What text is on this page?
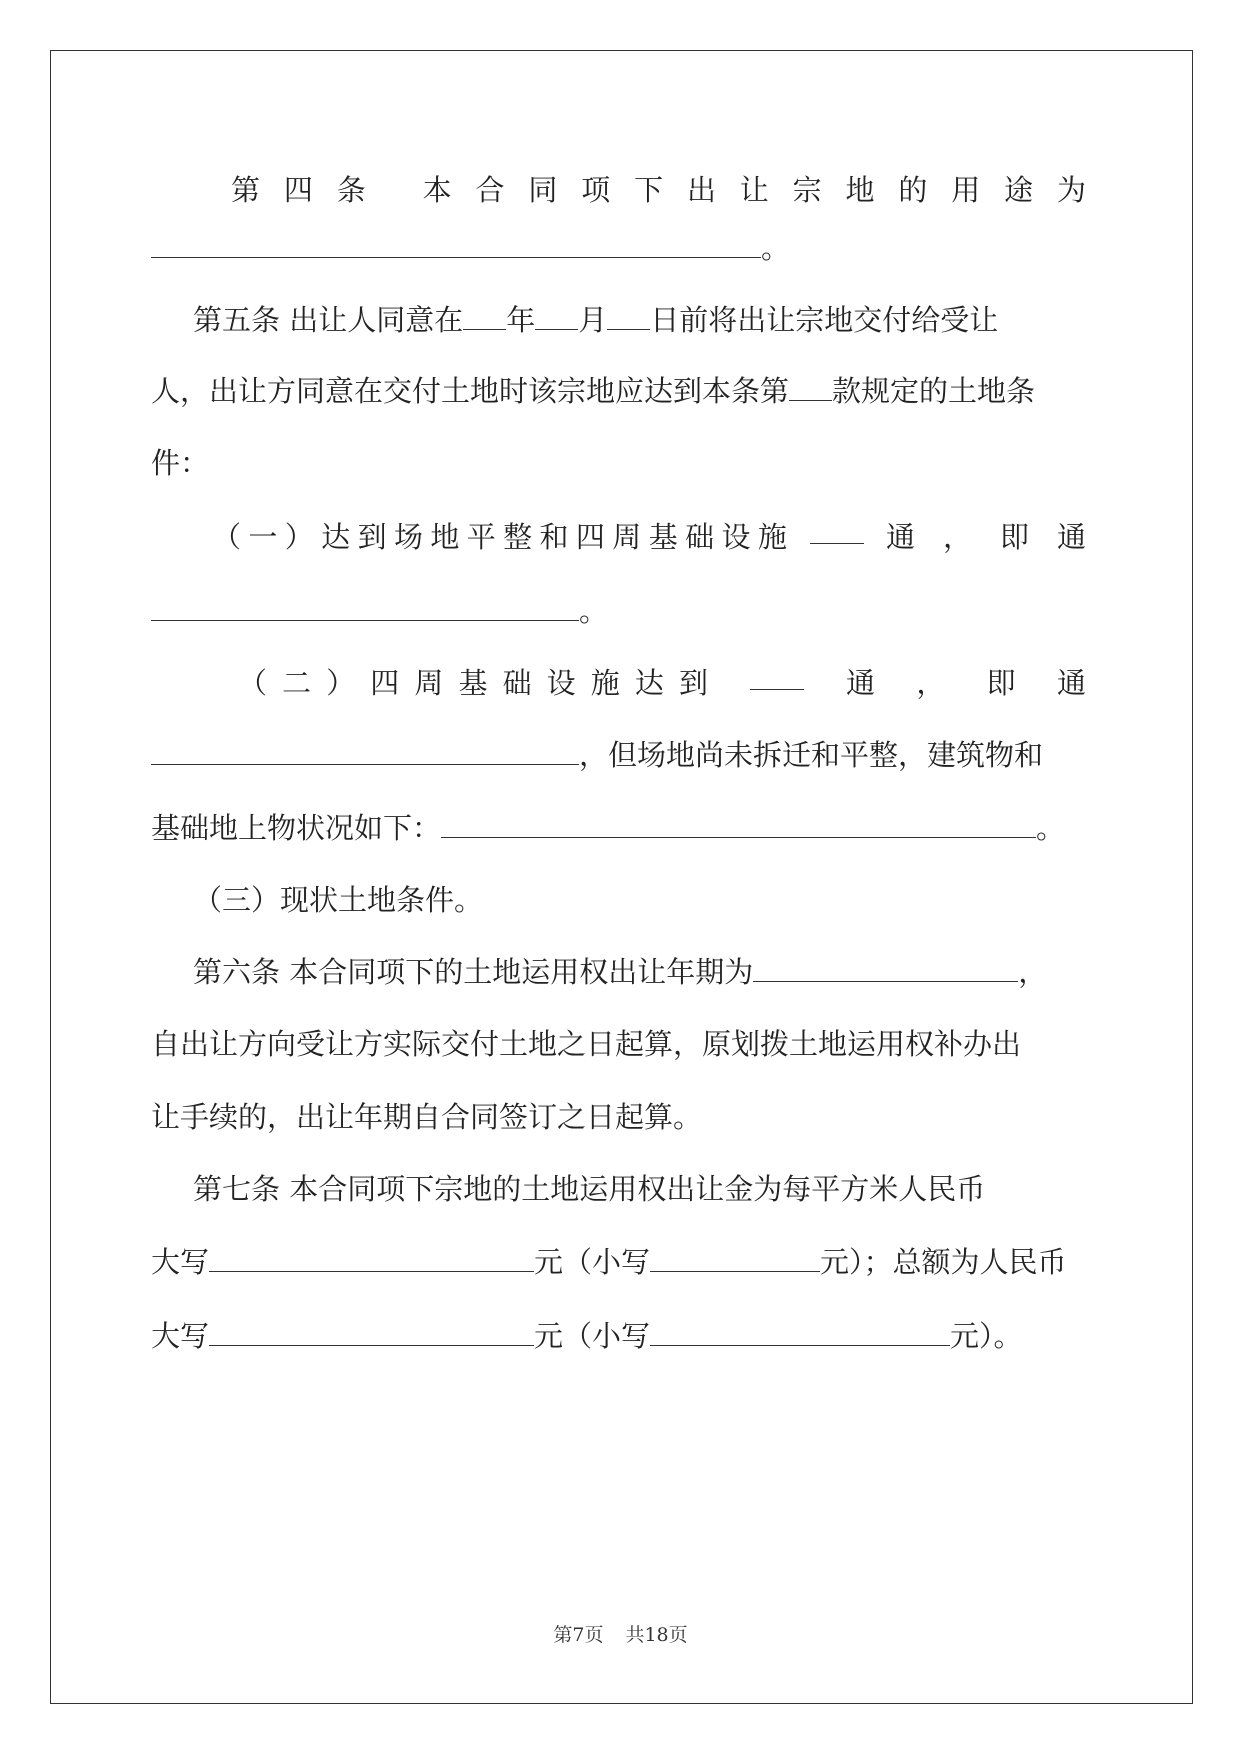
第 四 条
本 合 同 项 下 出 让 宗 地 的 用 途 为
。
第五条 出让人同意在 年 月 日前将出让宗地交付给受让
人，出让方同意在交付土地时该宗地应达到本条第 款规定的土地条
件：
（ 一 ） 达 到 场 地 平 整 和 四 周 基 础 设 施	通 ， 即 通
。
（ 二 ） 四 周 基 础 设 施 达 到	通 ， 即 通
，但场地尚未拆迁和平整，建筑物和
基础地上物状况如下：	。
（三）现状土地条件。
第六条 本合同项下的土地运用权出让年期为	，
自出让方向受让方实际交付土地之日起算，原划拨土地运用权补办出
让手续的，出让年期自合同签订之日起算。
第七条 本合同项下宗地的土地运用权出让金为每平方米人民币
大写	元（小写	元）；总额为人民币
大写	元（小写	元）。
第7页 共18页
